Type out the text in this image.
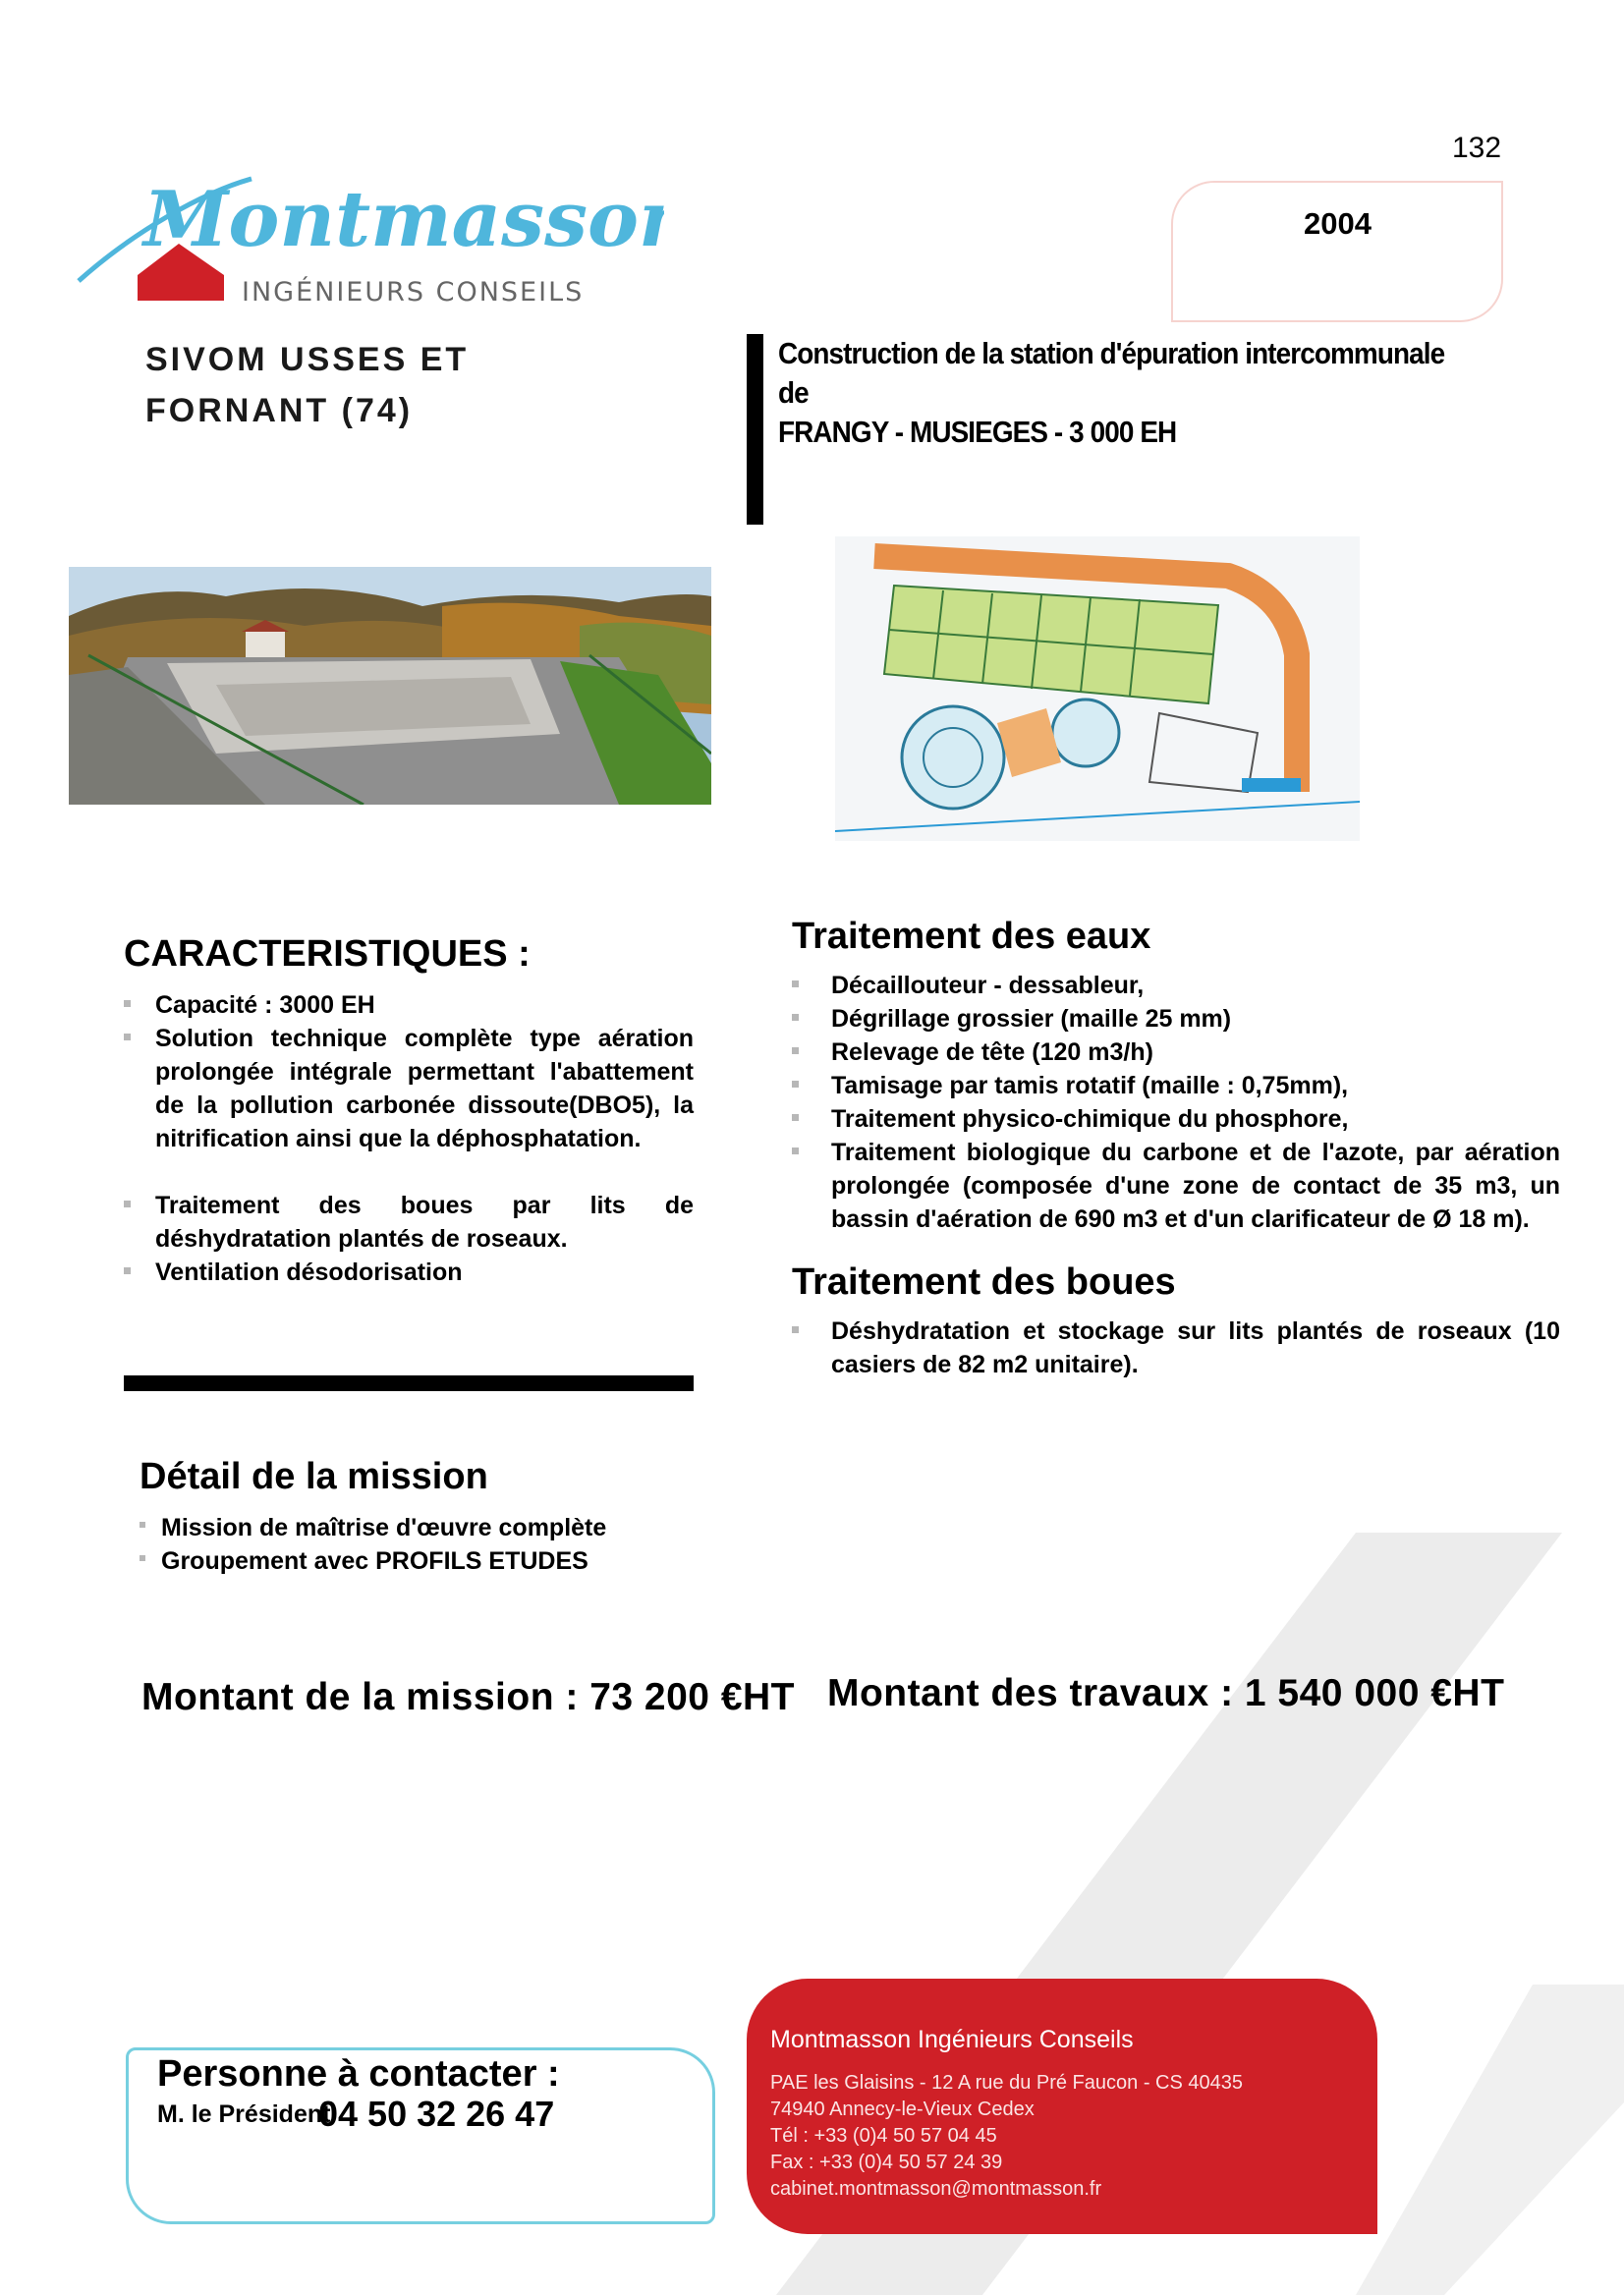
132
2004
Montmasson
INGÉNIEURS CONSEILS
SIVOM USSES ET
FORNANT (74)
Construction de la station d'épuration intercommunale de
FRANGY - MUSIEGES - 3 000 EH
CARACTERISTIQUES :
Capacité : 3000 EH
Solution technique complète type aération prolongée intégrale permettant l'abattement de la pollution carbonée dissoute(DBO5), la nitrification ainsi que la déphosphatation.
Traitement des boues par lits de déshydratation plantés de roseaux.
Ventilation désodorisation
Traitement des eaux
Décaillouteur - dessableur,
Dégrillage grossier (maille 25 mm)
Relevage de tête (120 m3/h)
Tamisage par tamis rotatif (maille : 0,75mm),
Traitement physico-chimique du phosphore,
Traitement biologique du carbone et de l'azote, par aération prolongée (composée d'une zone de contact de 35 m3, un bassin d'aération de 690 m3 et d'un clarificateur de Ø 18 m).
Traitement des boues
Déshydratation et stockage sur lits plantés de roseaux (10 casiers de 82 m2 unitaire).
Détail de la mission
Mission de maîtrise d'œuvre complète
Groupement avec PROFILS ETUDES
Montant de la mission : 73 200 €HT Montant des travaux : 1 540 000 €HT
Personne à contacter :
M. le Président
04 50 32 26 47
Montmasson Ingénieurs Conseils
PAE les Glaisins - 12 A rue du Pré Faucon - CS 40435
74940 Annecy-le-Vieux Cedex
Tél : +33 (0)4 50 57 04 45
Fax : +33 (0)4 50 57 24 39
cabinet.montmasson@montmasson.fr
